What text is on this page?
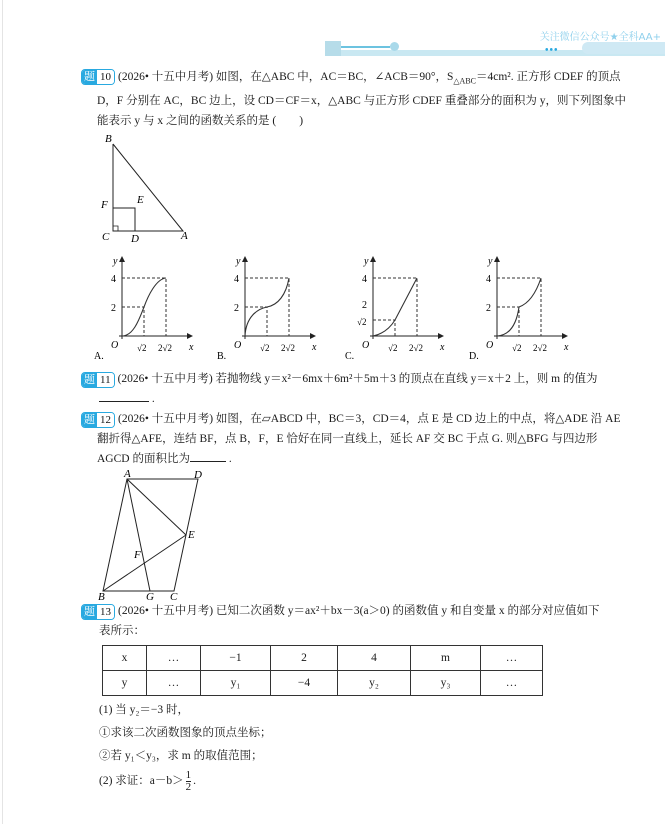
关注微信公众号★全科AA+
•••
题 10 (2026• 十五中月考) 如图，在△ABC 中，AC＝BC，∠ACB＝90°，$S_{\triangle ABC}=4cm^2$. 正方形 CDEF 的顶点
D，F 分别在 AC，BC 边上，设 CD＝CF＝x，△ABC 与正方形 CDEF 重叠部分的面积为 y，则下列图象中
能表示 y 与 x 之间的函数关系的是 (　　)
B
F	E
C D	A
y
x
O
4
2
√2 2√2
A.
y
x
O
4
2
√2 2√2
B.
y
x
O
4
2
√2
√2 2√2
C.
y
x
O
4
2
√2 2√2
D.
题 11 (2026• 十五中月考) 若抛物线 y＝x²－6mx＋6m²＋5m＋3 的顶点在直线 y＝x＋2 上，则 m 的值为
.
题 12 (2026• 十五中月考) 如图，在▱ABCD 中，BC＝3，CD＝4，点 E 是 CD 边上的中点，将△ADE 沿 AE
翻折得△AFE，连结 BF，点 B，F，E 恰好在同一直线上，延长 AF 交 BC 于点 G. 则△BFG 与四边形
AGCD 的面积比为	.
A	D
E
F
B	G C
题 13 (2026• 十五中月考) 已知二次函数 y＝ax²＋bx－3(a＞0) 的函数值 y 和自变量 x 的部分对应值如下
表所示：
x	…	−1	2	4	m	…
y	…	y₁	−4	y₂	y₃	…
(1) 当 y₂＝−3 时，
①求该二次函数图象的顶点坐标；
②若 y₁＜y₃，求 m 的取值范围；
(2) 求证：$a-b> \frac{1}{2}$ .
